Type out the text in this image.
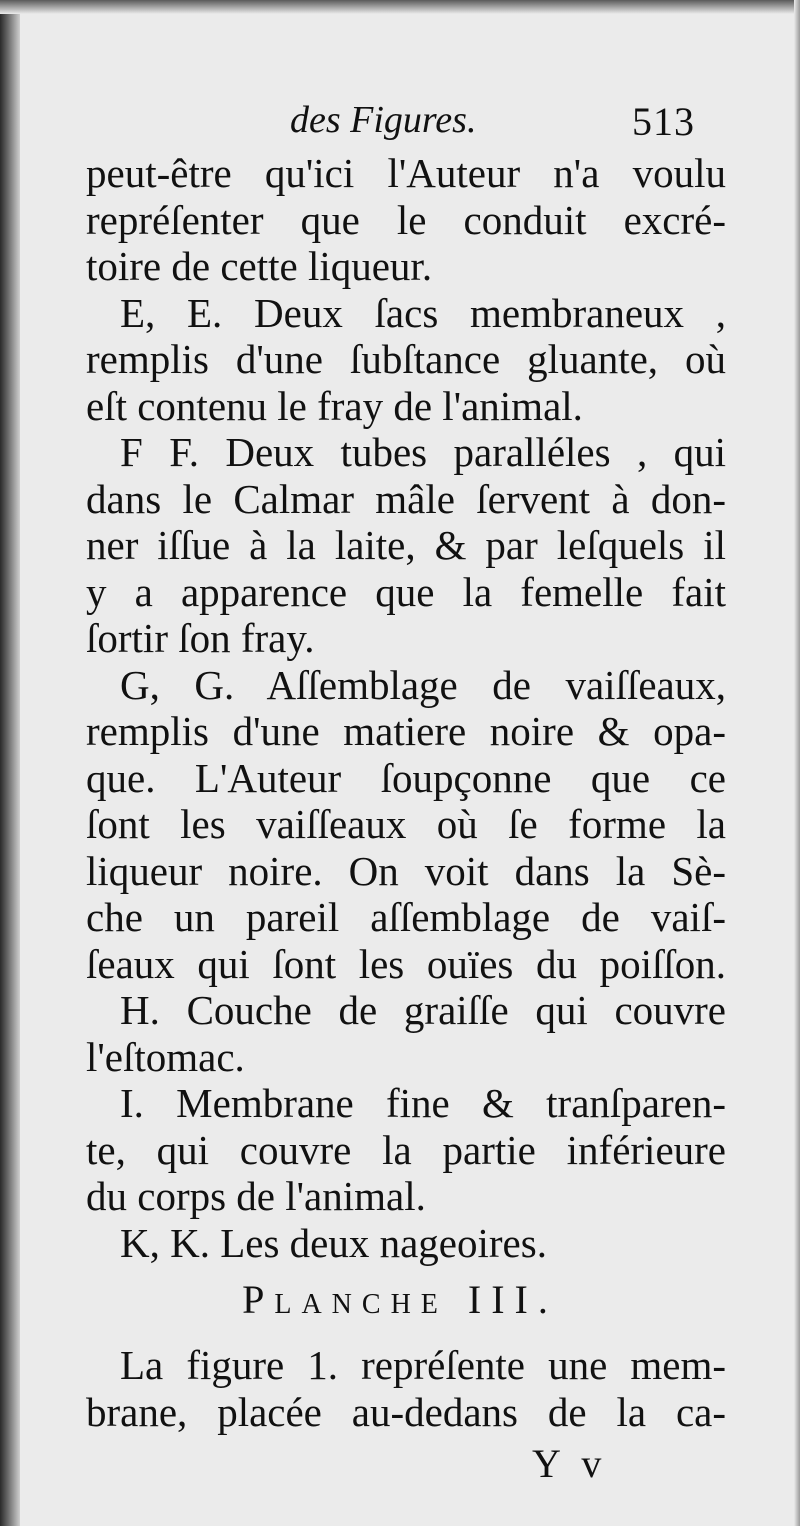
des Figures.	513
peut-être qu'ici l'Auteur n'a voulu
repréſenter que le conduit excré-
toire de cette liqueur.
E, E. Deux ſacs membraneux ,
remplis d'une ſubſtance gluante, où
eſt contenu le fray de l'animal.
F F. Deux tubes paralléles , qui
dans le Calmar mâle ſervent à don-
ner iſſue à la laite, & par leſquels il
y a apparence que la femelle fait
ſortir ſon fray.
G, G. Aſſemblage de vaiſſeaux,
remplis d'une matiere noire & opa-
que. L'Auteur ſoupçonne que ce
ſont les vaiſſeaux où ſe forme la
liqueur noire. On voit dans la Sè-
che un pareil aſſemblage de vaiſ-
ſeaux qui ſont les ouïes du poiſſon.
H. Couche de graiſſe qui couvre
l'eſtomac.
I. Membrane fine & tranſparen-
te, qui couvre la partie inférieure
du corps de l'animal.
K, K. Les deux nageoires.
Planche III.
La figure 1. repréſente une mem-
brane, placée au-dedans de la ca-
Y v
